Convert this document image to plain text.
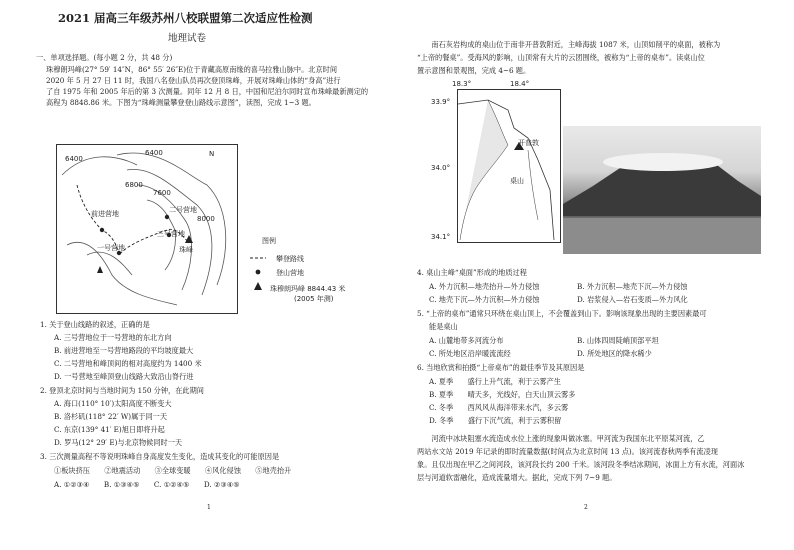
2021 届高三年级苏州八校联盟第二次适应性检测
地理试卷
一、单项选择题。(每小题 2 分，共 48 分)
珠穆朗玛峰(27° 59′ 14″N，86° 55′ 26″E)位于青藏高原南缘的喜马拉雅山脉中。北京时间
2020 年 5 月 27 日 11 时，我国八名登山队员再次登顶珠峰，开展对珠峰山体的“身高”进行
了自 1975 年和 2005 年后的第 3 次测量。同年 12 月 8 日，中国和尼泊尔同时宣布珠峰最新测定的
高程为 8848.86 米。下图为“珠峰测量攀登登山路线示意图”，读图，完成 1~3 题。
6400
6400	N
6800
7600
8000
前进营地
一号营地
二号营地
三号营地
珠峰
图例
攀登路线
登山营地
珠穆朗玛峰 8844.43 米
(2005 年测)
1. 关于登山线路的叙述，正确的是
A. 三号营地位于一号营地的东北方向
B. 前进营地至一号营地路段的平均坡度最大
C. 二号营地和峰顶间的相对高度约为 1400 米
D. 一号营地至峰顶登山线路大致沿山脊行进
2. 登顶北京时间与当地时间为 150 分钟，在此期间
A. 海口(110° 10′)太阳高度不断变大
B. 洛杉矶(118° 22′ W)属于同一天
C. 东京(139° 41′ E)旭日即将升起
D. 罗马(12° 29′ E)与北京物候同时一天
3. 三次测量高程不等说明珠峰自身高度发生变化，造成其变化的可能原因是
①板块挤压　　②地震活动　　③全球变暖　　④风化侵蚀　　⑤地壳抬升
A. ①②③④　　B. ①③④⑤　　C. ①②④⑤　　D. ②③④⑤
1
　　南石灰岩构成的桌山位于南非开普敦附近，主峰海拔 1087 米，山顶如削平的桌面，被称为
“上帝的餐桌”。受海风的影响，山顶常有大片的云团围绕，被称为“上帝的桌布”。读桌山位
置示意图和景观图，完成 4~6 题。
开普敦
桌山
18.3°	18.4°
33.9°
34.0°
34.1°
4. 桌山主峰“桌面”形成的地质过程
A. 外力沉积—地壳抬升—外力侵蚀	B. 外力沉积—地壳下沉—外力侵蚀
C. 地壳下沉—外力沉积—外力侵蚀	D. 岩浆侵入—岩石变质—外力风化
5. “上帝的桌布”通常只环绕在桌山顶上，不会覆盖到山下。影响该现象出现的主要因素最可
能是桌山
A. 山麓地带多河流分布	B. 山体四周陡峭顶部平坦
C. 所处地区沿岸暖流流经	D. 所处地区的降水稀少
6. 当地欣赏和拍摄“上帝桌布”的最佳季节及其原因是
A. 夏季　　盛行上升气流，利于云雾产生
B. 夏季　　晴天多，光线好，白天山顶云雾多
C. 冬季　　西风风从海洋带来水汽，多云雾
D. 冬季　　盛行下沉气流，利于云雾积留
　　河流中冰块阻塞水流造成水位上涨的现象叫做冰塞。甲河流为我国东北平原某河流，乙
两站水文站 2019 年记录的即时流量数据(时间点为北京时间 13 点)。该河流春秋两季有流凌现
象。且仅出现在甲乙之间河段，该河段长约 200 千米。该河段冬季结冰期间，冰面上方有水流，河面冰
层与河道软雷融化，造成流量增大。据此，完成下列 7~9 题。
2
